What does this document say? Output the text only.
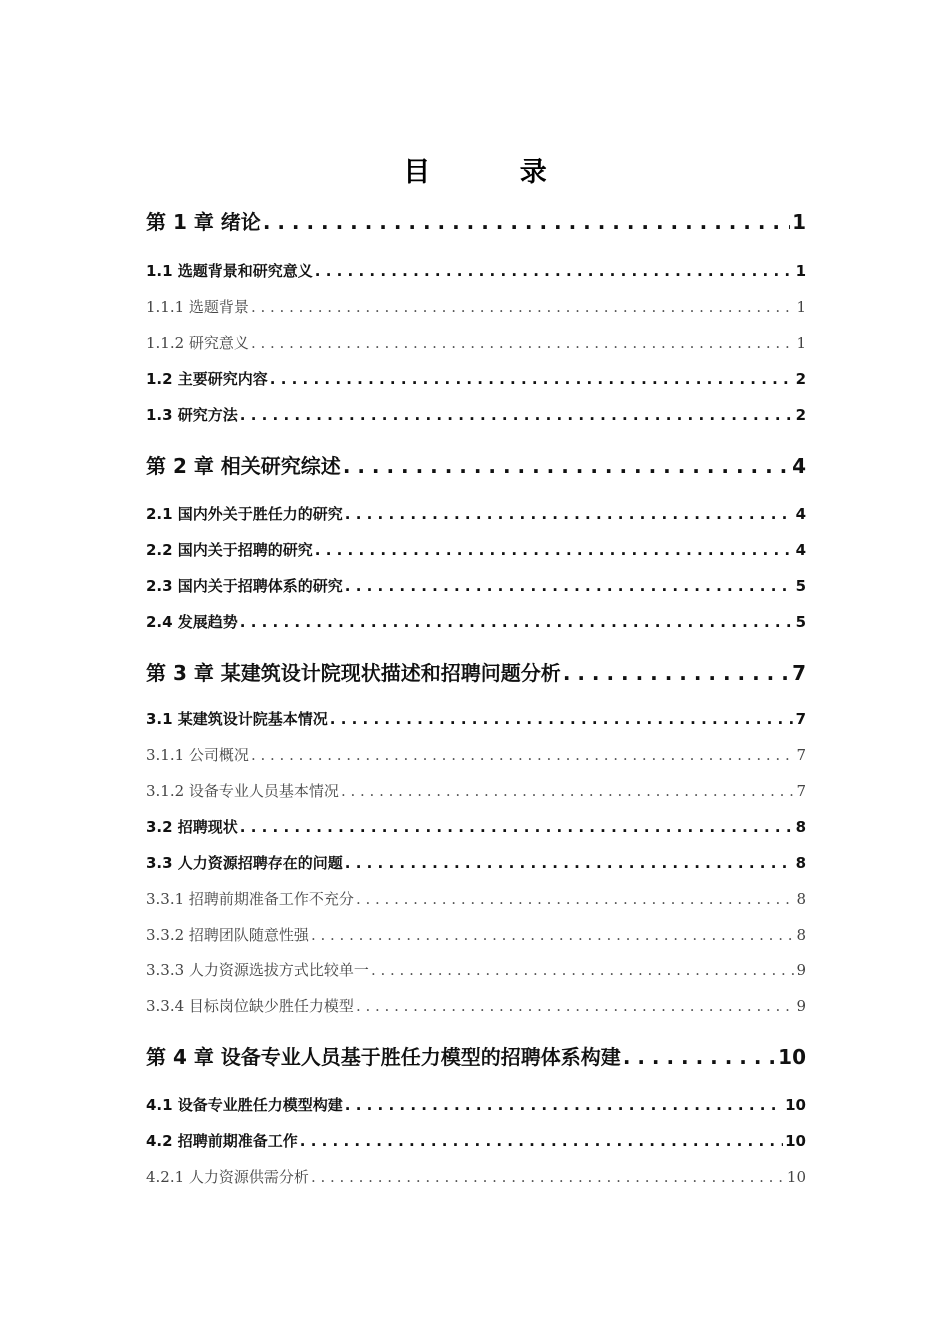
目 录
第 1 章 绪论 . . .	1
1.1 选题背景和研究意义 . . .	1
1.1.1 选题背景 . . .	1
1.1.2 研究意义 . . .	1
1.2 主要研究内容 . . .	2
1.3 研究方法 . . .	2
第 2 章 相关研究综述 . . .	4
2.1 国内外关于胜任力的研究 . . .	4
2.2 国内关于招聘的研究 . . .	4
2.3 国内关于招聘体系的研究 . . .	5
2.4 发展趋势 . . .	5
第 3 章 某建筑设计院现状描述和招聘问题分析 . . .	7
3.1 某建筑设计院基本情况 . . .	7
3.1.1 公司概况 . . .	7
3.1.2 设备专业人员基本情况 . . .	7
3.2 招聘现状 . . .	8
3.3 人力资源招聘存在的问题 . . .	8
3.3.1 招聘前期准备工作不充分 . . .	8
3.3.2 招聘团队随意性强 . . .	8
3.3.3 人力资源选拔方式比较单一 . . .	9
3.3.4 目标岗位缺少胜任力模型 . . .	9
第 4 章 设备专业人员基于胜任力模型的招聘体系构建 . . .	10
4.1 设备专业胜任力模型构建 . . .	10
4.2 招聘前期准备工作 . . .	10
4.2.1 人力资源供需分析 . . .	10
